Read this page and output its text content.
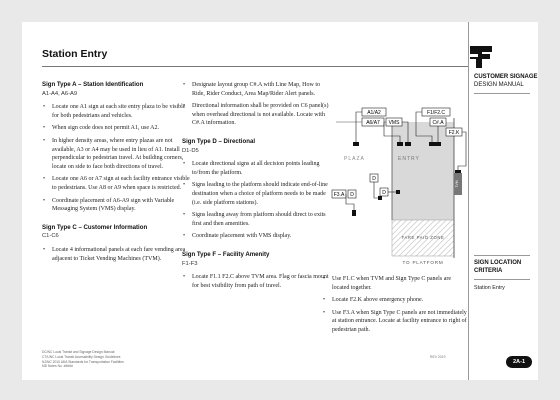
Station Entry
Sign Type A – Station Identification
A1-A4, A6-A9
• Locate one A1 sign at each site entry plaza to be visible for both pedestrians and vehicles.
• When sign code does not permit A1, use A2.
• In higher density areas, where entry plazas are not available, A3 or A4 may be used in lieu of A1. Install perpendicular to pedestrian travel. At building corners, locate on side to face both directions of travel.
• Locate one A6 or A7 sign at each facility entrance visible to pedestrians. Use A8 or A9 when space is restricted.
• Coordinate placement of A6-A9 sign with Variable Messaging System (VMS) display.
Sign Type C – Customer Information
C1-C6
• Locate 4 informational panels at each fare vending area adjacent to Ticket Vending Machines (TVM).
• Designate layout group C#.A with Line Map, How to Ride, Rider Conduct, Area Map/Rider Alert panels.
• Directional information shall be provided on C6 panel(s) when overhead directional is not available. Locate with C#.A information.
Sign Type D – Directional
D1-D5
• Locate directional signs at all decision points leading to/from the platform.
• Signs leading to the platform should indicate end-of-line destination when a choice of platform needs to be made (i.e. side platform stations).
• Signs leading away from platform should direct to exits first and then amenities.
• Coordinate placement with VMS display.
Sign Type F – Facility Amenity
F1-F3
• Locate F1.1 F2.C above TVM area. Flag or fascia mount for best visibility from path of travel.
• Use F1.C when TVM and Sign Type C panels are located together.
• Locate F2.K above emergency phone.
• Use F3.A when Sign Type C panels are not immediately at station entrance. Locate at facility entrance to right of pedestrian path.
TVM
PLAZA	ENTRY
FARE PAID ZONE
TO PLATFORM
A1/A2
A6/A7 VMS
F1/F2.C
C#.A
F2.K
F3.A D
D
D
DC/NC Local Transit and Signage Design Manual
CT/UNC Local Transit Accessibility Design Guidelines
NJ/NC 2010 ADA Standards for Transportation Facilities
MD Notes No. #####
REV 2019
CUSTOMER SIGNAGE
DESIGN MANUAL
SIGN LOCATION
CRITERIA
Station Entry
2A-1
